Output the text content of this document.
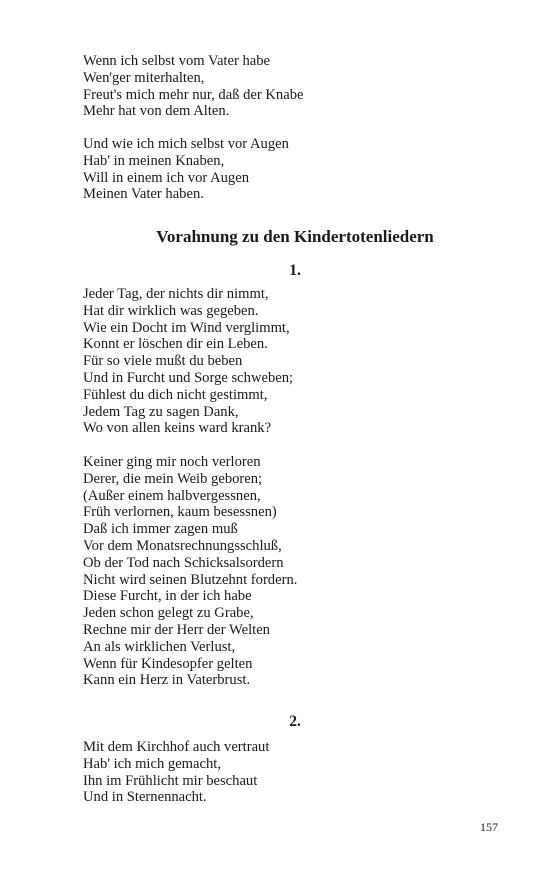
Wenn ich selbst vom Vater habe
Wen'ger miterhalten,
Freut's mich mehr nur, daß der Knabe
Mehr hat von dem Alten.
Und wie ich mich selbst vor Augen
Hab' in meinen Knaben,
Will in einem ich vor Augen
Meinen Vater haben.
Vorahnung zu den Kindertotenliedern
1.
Jeder Tag, der nichts dir nimmt,
Hat dir wirklich was gegeben.
Wie ein Docht im Wind verglimmt,
Konnt er löschen dir ein Leben.
Für so viele mußt du beben
Und in Furcht und Sorge schweben;
Fühlest du dich nicht gestimmt,
Jedem Tag zu sagen Dank,
Wo von allen keins ward krank?
Keiner ging mir noch verloren
Derer, die mein Weib geboren;
(Außer einem halbvergessnen,
Früh verlornen, kaum besessnen)
Daß ich immer zagen muß
Vor dem Monatsrechnungsschluß,
Ob der Tod nach Schicksalsordern
Nicht wird seinen Blutzehnt fordern.
Diese Furcht, in der ich habe
Jeden schon gelegt zu Grabe,
Rechne mir der Herr der Welten
An als wirklichen Verlust,
Wenn für Kindesopfer gelten
Kann ein Herz in Vaterbrust.
2.
Mit dem Kirchhof auch vertraut
Hab' ich mich gemacht,
Ihn im Frühlicht mir beschaut
Und in Sternennacht.
157
